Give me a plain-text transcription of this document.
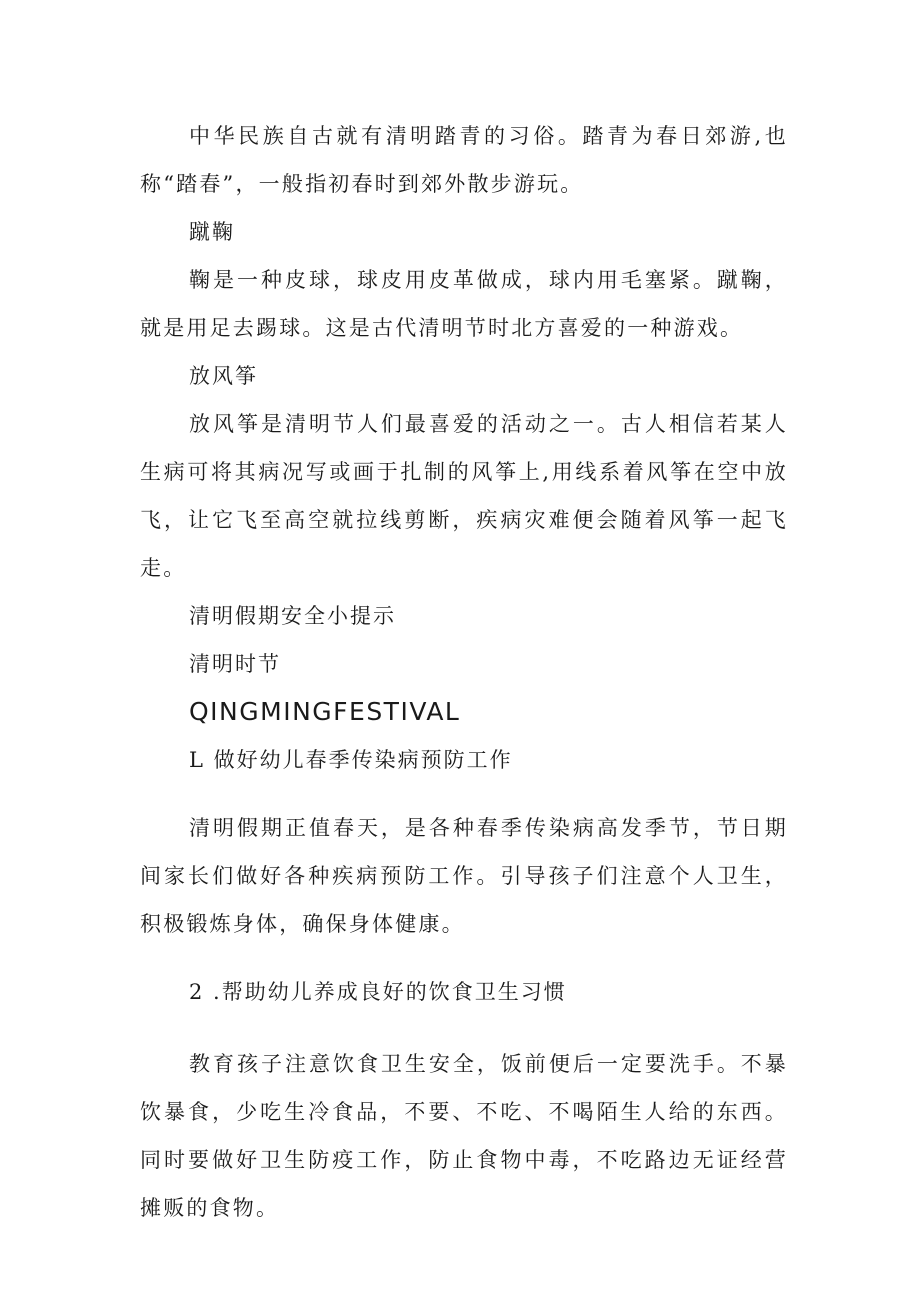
中华民族自古就有清明踏青的习俗。踏青为春日郊游,也称“踏春”，一般指初春时到郊外散步游玩。

蹴鞠

鞠是一种皮球，球皮用皮革做成，球内用毛塞紧。蹴鞠，就是用足去踢球。这是古代清明节时北方喜爱的一种游戏。

放风筝

放风筝是清明节人们最喜爱的活动之一。古人相信若某人生病可将其病况写或画于扎制的风筝上,用线系着风筝在空中放飞，让它飞至高空就拉线剪断，疾病灾难便会随着风筝一起飞走。

清明假期安全小提示

清明时节

QINGMINGFESTIVAL

L 做好幼儿春季传染病预防工作

清明假期正值春天，是各种春季传染病高发季节，节日期间家长们做好各种疾病预防工作。引导孩子们注意个人卫生，积极锻炼身体，确保身体健康。

2 .帮助幼儿养成良好的饮食卫生习惯

教育孩子注意饮食卫生安全，饭前便后一定要洗手。不暴饮暴食，少吃生冷食品，不要、不吃、不喝陌生人给的东西。同时要做好卫生防疫工作，防止食物中毒，不吃路边无证经营摊贩的食物。
